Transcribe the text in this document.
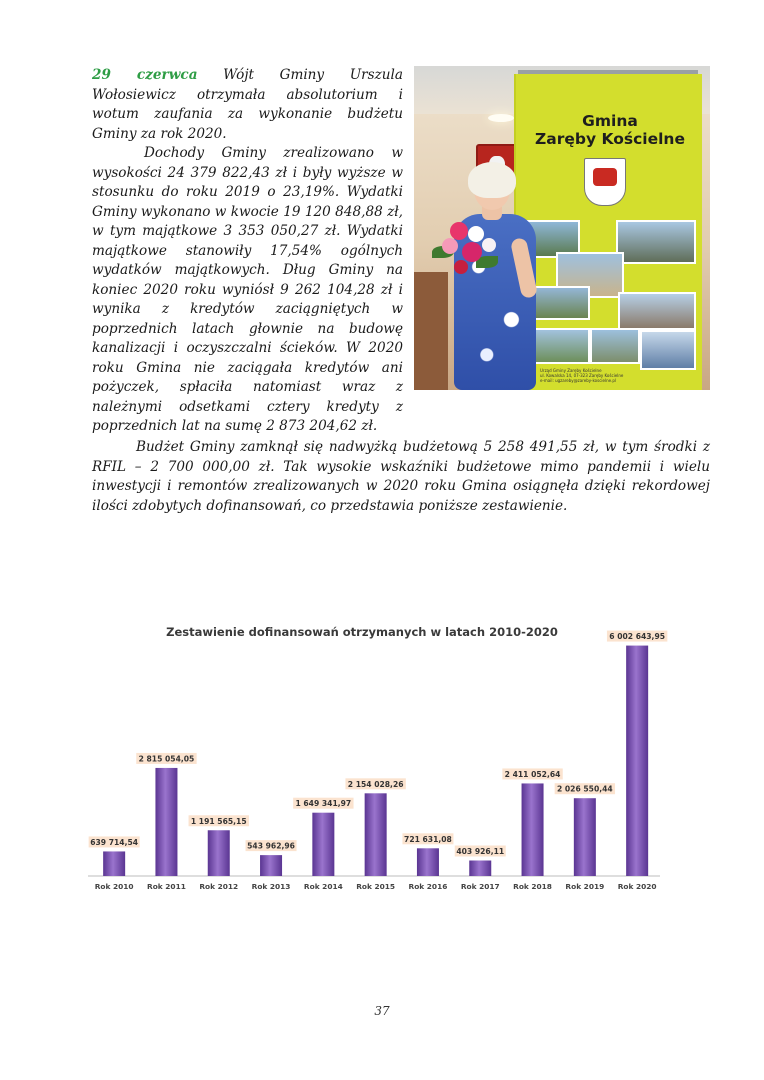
29 czerwca Wójt Gminy Urszula Wołosiewicz otrzymała absolutorium i wotum zaufania za wykonanie budżetu Gminy za rok 2020.

Dochody Gminy zrealizowano w wysokości 24 379 822,43 zł i były wyższe w stosunku do roku 2019 o 23,19%. Wydatki Gminy wykonano w kwocie 19 120 848,88 zł, w tym majątkowe 3 353 050,27 zł. Wydatki majątkowe stanowiły 17,54% ogólnych wydatków majątkowych. Dług Gminy na koniec 2020 roku wyniósł 9 262 104,28 zł i wynika z kredytów zaciągniętych w poprzednich latach głownie na budowę kanalizacji i oczyszczalni ścieków. W 2020 roku Gmina nie zaciągała kredytów ani pożyczek, spłaciła natomiast wraz z należnymi odsetkami cztery kredyty z poprzednich lat na sumę 2 873 204,62 zł.

Gmina
Zaręby Kościelne

Urząd Gminy Zaręby Kościelne
ul. Kowalska 14, 07-323 Zaręby Kościelne
e-mail: ugzareby@zareby-koscielne.pl

Budżet Gminy zamknął się nadwyżką budżetową 5 258 491,55 zł, w tym środki z RFIL – 2 700 000,00 zł. Tak wysokie wskaźniki budżetowe mimo pandemii i wielu inwestycji i remontów zrealizowanych w 2020 roku Gmina osiągnęła dzięki rekordowej ilości zdobytych dofinansowań, co przedstawia poniższe zestawienie.

Zestawienie dofinansowań otrzymanych w latach 2010-2020
639 714,54
2 815 054,05
1 191 565,15
543 962,96
1 649 341,97
2 154 028,26
721 631,08
403 926,11
2 411 052,64
2 026 550,44
6 002 643,95
Rok 2010 Rok 2011 Rok 2012 Rok 2013 Rok 2014 Rok 2015 Rok 2016 Rok 2017 Rok 2018 Rok 2019 Rok 2020
37
